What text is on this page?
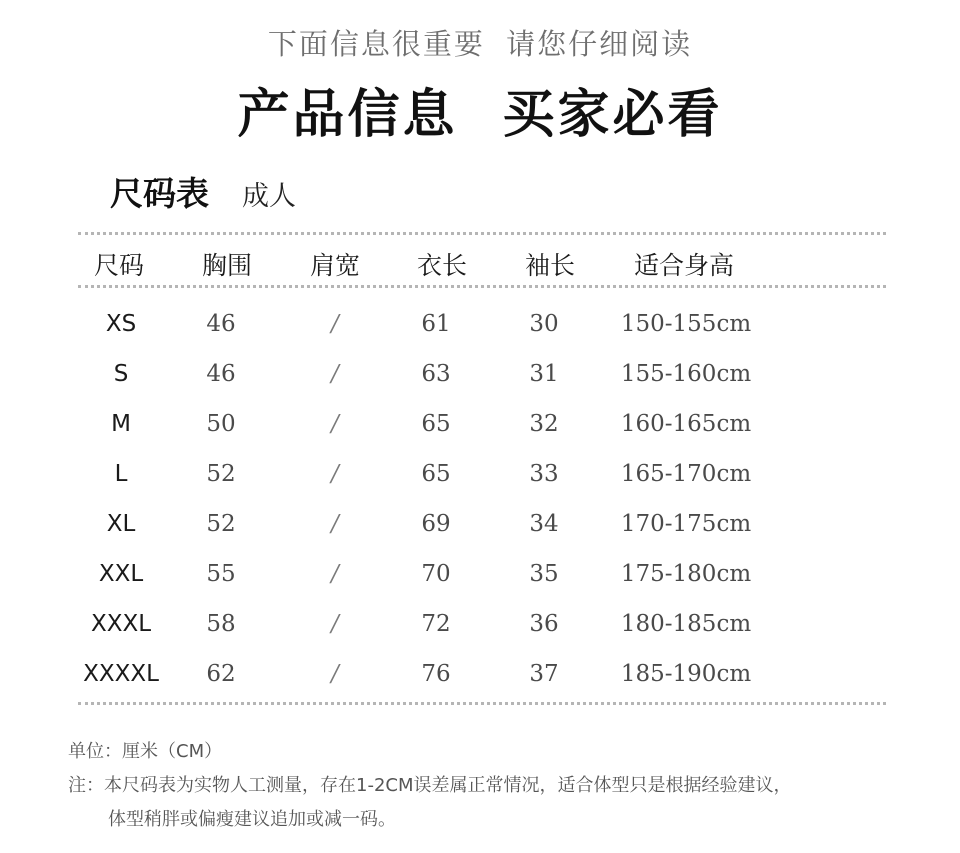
下面信息很重要 请您仔细阅读
产品信息 买家必看
尺码表 成人
尺码 胸围 肩宽 衣长 袖长 适合身高
XS	46	/	61	30	150-155cm
S	46	/	63	31	155-160cm
M	50	/	65	32	160-165cm
L	52	/	65	33	165-170cm
XL	52	/	69	34	170-175cm
XXL	55	/	70	35	175-180cm
XXXL 58	/	72	36	180-185cm
XXXXL 62	/	76	37	185-190cm
单位：厘米（CM）
注：本尺码表为实物人工测量，存在1-2CM误差属正常情况，适合体型只是根据经验建议，
体型稍胖或偏瘦建议追加或减一码。
